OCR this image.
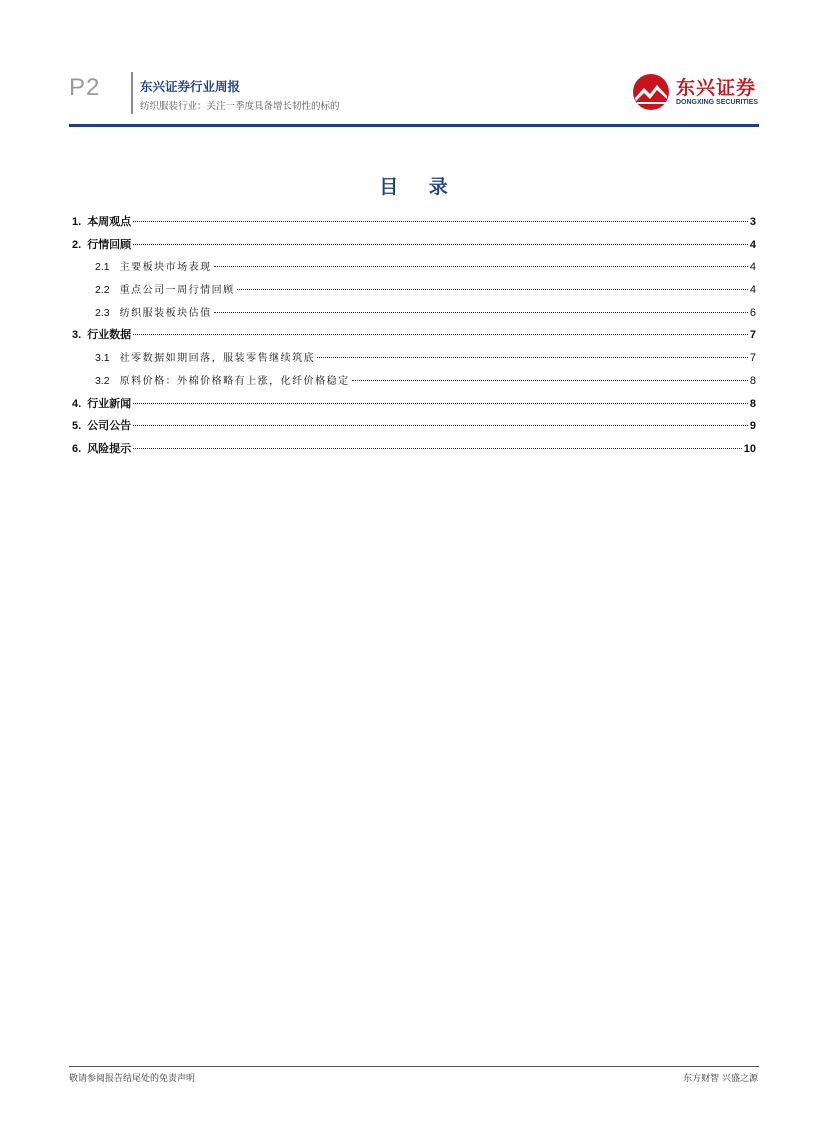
P2	东兴证券行业周报
纺织服装行业：关注一季度具备增长韧性的标的
东兴证券
DONGXING SECURITIES
目 录
1. 本周观点	3
2. 行情回顾	4
2.1 主要板块市场表现	4
2.2 重点公司一周行情回顾	4
2.3 纺织服装板块估值	6
3. 行业数据	7
3.1 社零数据如期回落，服装零售继续筑底	7
3.2 原料价格：外棉价格略有上涨，化纤价格稳定	8
4. 行业新闻	8
5. 公司公告	9
6. 风险提示	10
敬请参阅报告结尾处的免责声明	东方财智 兴盛之源
